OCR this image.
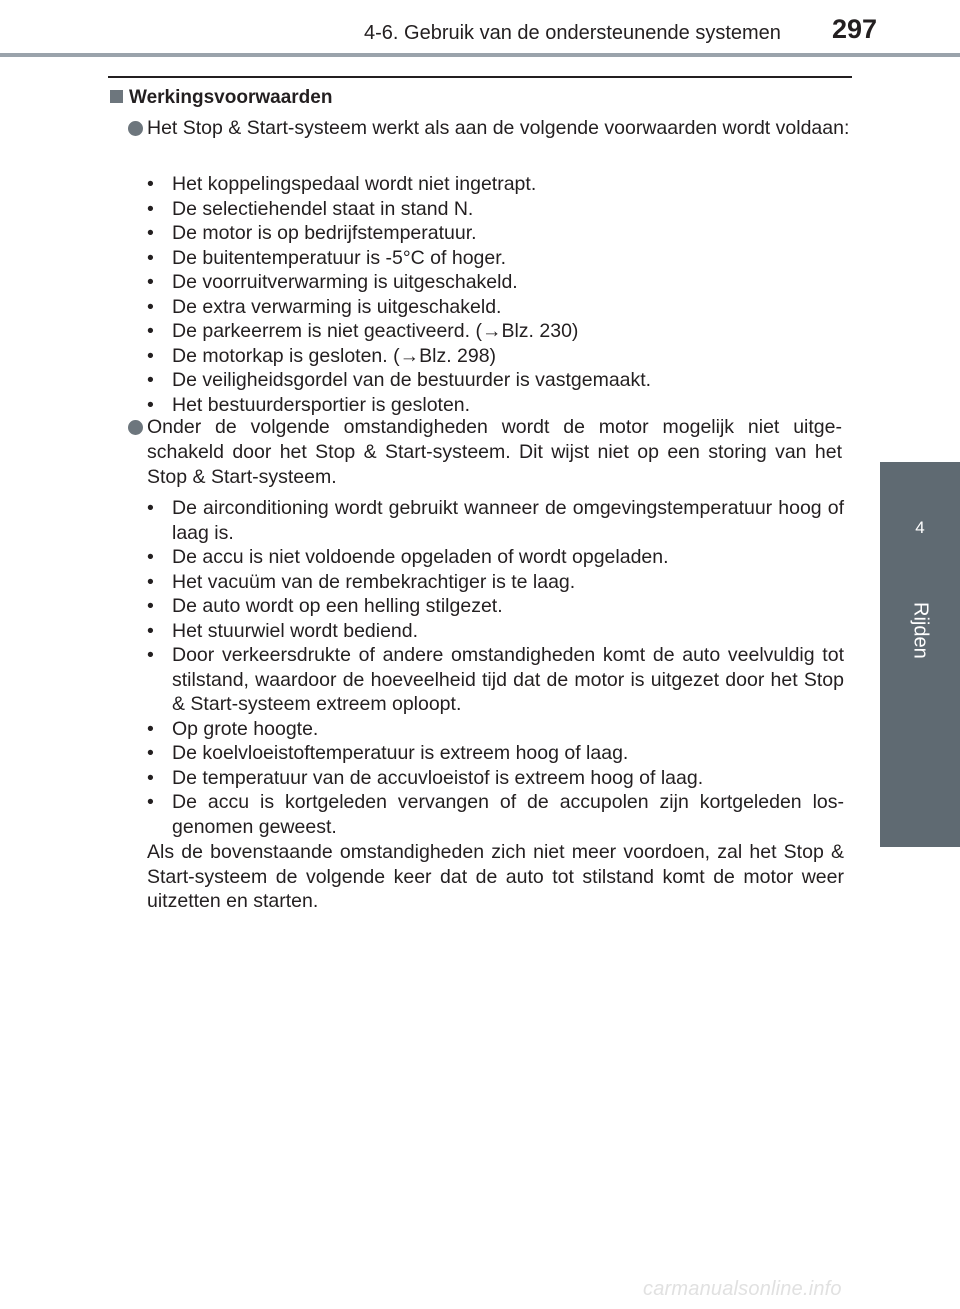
4-6. Gebruik van de ondersteunende systemen 297
4
Rijden
Werkingsvoorwaarden
Het Stop & Start-systeem werkt als aan de volgende voorwaarden wordt voldaan:
• Het koppelingspedaal wordt niet ingetrapt.
• De selectiehendel staat in stand N.
• De motor is op bedrijfstemperatuur.
• De buitentemperatuur is -5°C of hoger.
• De voorruitverwarming is uitgeschakeld.
• De extra verwarming is uitgeschakeld.
• De parkeerrem is niet geactiveerd. (→Blz. 230)
• De motorkap is gesloten. (→Blz. 298)
• De veiligheidsgordel van de bestuurder is vastgemaakt.
• Het bestuurdersportier is gesloten.
Onder de volgende omstandigheden wordt de motor mogelijk niet uitge-schakeld door het Stop & Start-systeem. Dit wijst niet op een storing van het Stop & Start-systeem.
• De airconditioning wordt gebruikt wanneer de omgevingstemperatuur hoog of laag is.
• De accu is niet voldoende opgeladen of wordt opgeladen.
• Het vacuüm van de rembekrachtiger is te laag.
• De auto wordt op een helling stilgezet.
• Het stuurwiel wordt bediend.
• Door verkeersdrukte of andere omstandigheden komt de auto veelvuldig tot stilstand, waardoor de hoeveelheid tijd dat de motor is uitgezet door het Stop & Start-systeem extreem oploopt.
• Op grote hoogte.
• De koelvloeistoftemperatuur is extreem hoog of laag.
• De temperatuur van de accuvloeistof is extreem hoog of laag.
• De accu is kortgeleden vervangen of de accupolen zijn kortgeleden los-genomen geweest.
Als de bovenstaande omstandigheden zich niet meer voordoen, zal het Stop & Start-systeem de volgende keer dat de auto tot stilstand komt de motor weer uitzetten en starten.
carmanualsonline.info
